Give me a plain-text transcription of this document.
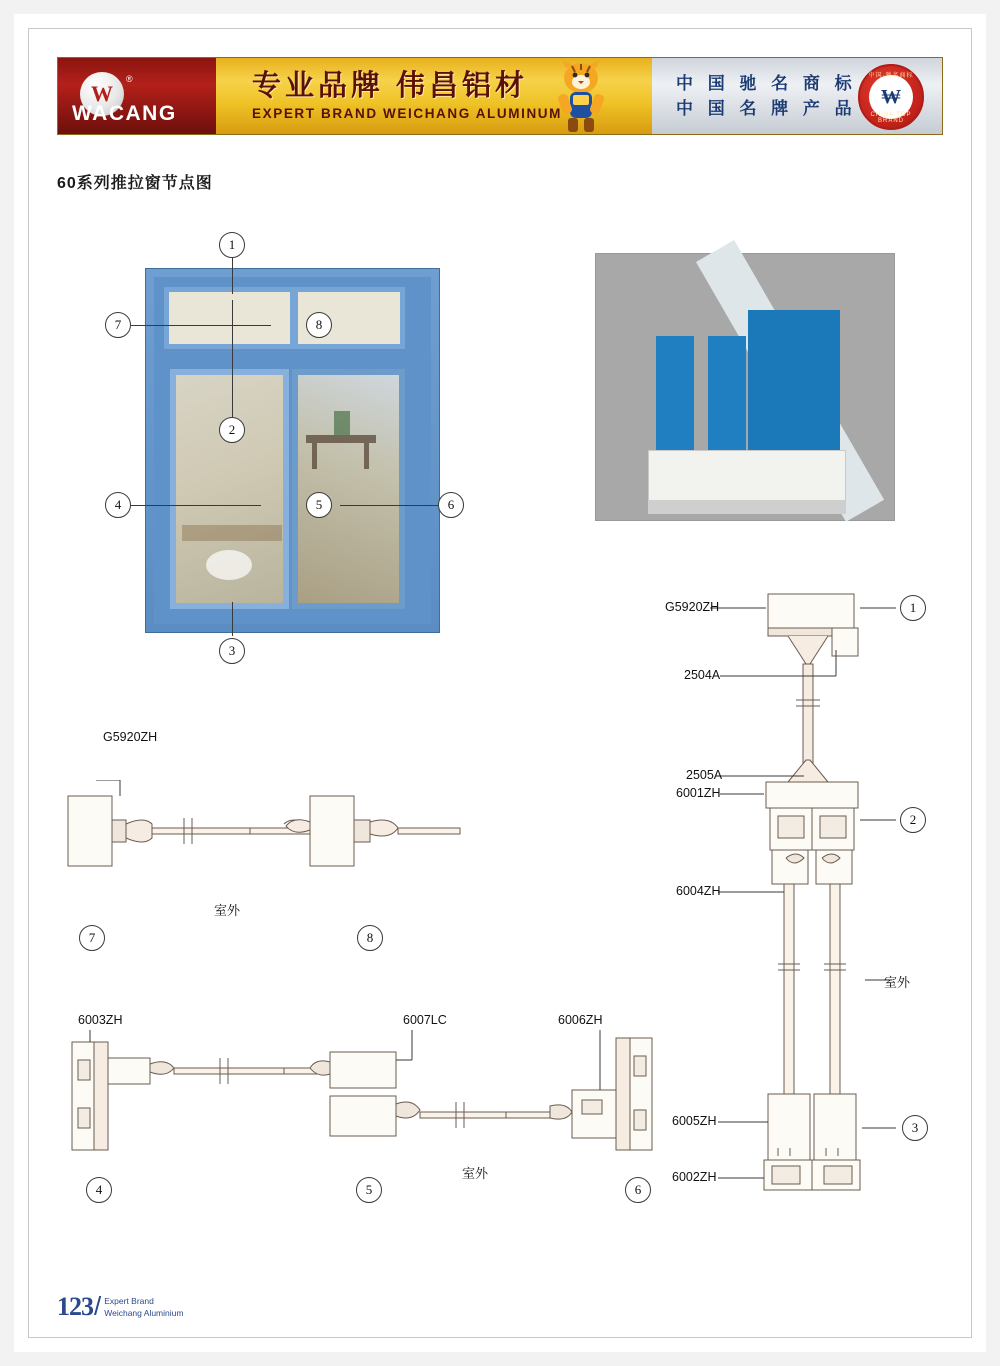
W
®
WACANG
专业品牌 伟昌铝材
EXPERT BRAND WEICHANG ALUMINUM
中 国 驰 名 商 标
中 国 名 牌 产 品
中国·驰名商标
₩
CHINA TOP BRAND
60系列推拉窗节点图
1
7	8
2
4	5	6
3
G5920ZH
2504A
2505A
6001ZH
6004ZH
6005ZH
6002ZH
室外
1
2
3
G5920ZH
室外
7	8
6003ZH	6007LC	6006ZH
室外
4	5	6
123 / Expert Brand
Weichang Aluminium
